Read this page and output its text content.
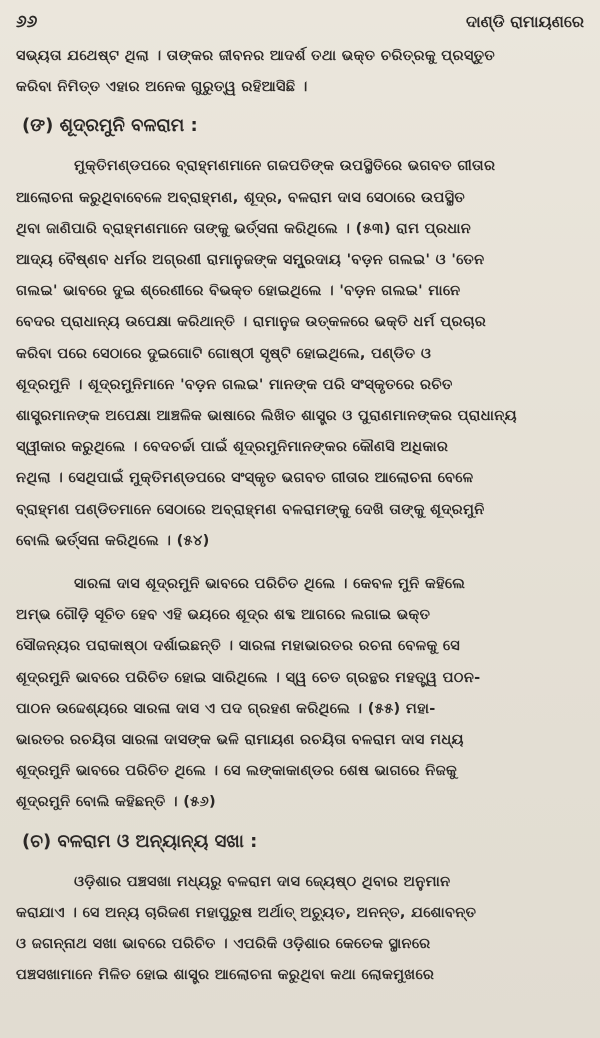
୬୬	ଦାଣ୍ଡି ରାମାୟଣରେ

ସଭ୍ୟତା ଯଥେଷ୍ଟ ଥିଲା । ତାଙ୍କର ଜୀବନର ଆଦର୍ଶ ତଥା ଭକ୍ତ ଚରିତ୍ରକୁ ପ୍ରସ୍ତୁତ
କରିବା ନିମିତ୍ତ ଏହାର ଅନେକ ଗୁରୁତ୍ୱ ରହିଆସିଛି ।

(ଙ) ଶୂଦ୍ରମୁନି ବଳରାମ :

ମୁକ୍ତିମଣ୍ଡପରେ ବ୍ରାହ୍ମଣମାନେ ଗଜପତିଙ୍କ ଉପସ୍ଥିତିରେ ଭଗବତ ଗୀତାର
ଆଲୋଚନା କରୁଥିବାବେଳେ ଅବ୍ରାହ୍ମଣ, ଶୂଦ୍ର, ବଳରାମ ଦାସ ସେଠାରେ ଉପସ୍ଥିତ
ଥିବା ଜାଣିପାରି ବ୍ରାହ୍ମଣମାନେ ତାଙ୍କୁ ଭର୍ତ୍ସନା କରିଥିଲେ । (୫୩) ରାମ ପ୍ରଧାନ
ଆଦ୍ୟ ବୈଷ୍ଣବ ଧର୍ମର ଅଗ୍ରଣୀ ରାମାନୁଜଙ୍କ ସମ୍ପ୍ରଦାୟ 'ବଡ଼ନ ଗଲଇ' ଓ 'ତେନ
ଗଲଇ' ଭାବରେ ଦୁଇ ଶ୍ରେଣୀରେ ବିଭକ୍ତ ହୋଇଥିଲେ । 'ବଡ଼ନ ଗଲଇ' ମାନେ
ବେଦର ପ୍ରାଧାନ୍ୟ ଉପେକ୍ଷା କରିଥାନ୍ତି । ରାମାନୁଜ ଉତ୍କଳରେ ଭକ୍ତି ଧର୍ମ ପ୍ରଚାର
କରିବା ପରେ ସେଠାରେ ଦୁଇଗୋଟି ଗୋଷ୍ଠୀ ସୃଷ୍ଟି ହୋଇଥିଲେ, ପଣ୍ଡିତ ଓ
ଶୂଦ୍ରମୁନି । ଶୂଦ୍ରମୁନିମାନେ 'ବଡ଼ନ ଗଲଇ' ମାନଙ୍କ ପରି ସଂସ୍କୃତରେ ରଚିତ
ଶାସ୍ତ୍ରମାନଙ୍କ ଅପେକ୍ଷା ଆଞ୍ଚଳିକ ଭାଷାରେ ଲିଖିତ ଶାସ୍ତ୍ର ଓ ପୁରାଣମାନଙ୍କର ପ୍ରାଧାନ୍ୟ
ସ୍ୱୀକାର କରୁଥିଲେ । ବେଦଚର୍ଚ୍ଚା ପାଇଁ ଶୂଦ୍ରମୁନିମାନଙ୍କର କୌଣସି ଅଧିକାର
ନଥିଲା । ସେଥିପାଇଁ ମୁକ୍ତିମଣ୍ଡପରେ ସଂସ୍କୃତ ଭଗବତ ଗୀତାର ଆଲୋଚନା ବେଳେ
ବ୍ରାହ୍ମଣ ପଣ୍ଡିତମାନେ ସେଠାରେ ଅବ୍ରାହ୍ମଣ ବଳରାମଙ୍କୁ ଦେଖି ତାଙ୍କୁ ଶୂଦ୍ରମୁନି
ବୋଲି ଭର୍ତ୍ସନା କରିଥିଲେ । (୫୪)

ସାରଳା ଦାସ ଶୂଦ୍ରମୁନି ଭାବରେ ପରିଚିତ ଥିଲେ । କେବଳ ମୁନି କହିଲେ
ଅମ୍ଭ ଗୌଡ଼ି ସୂଚିତ ହେବ ଏହି ଭୟରେ ଶୂଦ୍ର ଶବ୍ଦ ଆଗରେ ଲଗାଇ ଭକ୍ତ
ସୌଜନ୍ୟର ପରାକାଷ୍ଠା ଦର୍ଶାଇଛନ୍ତି । ସାରଳା ମହାଭାରତର ରଚନା ବେଳକୁ ସେ
ଶୂଦ୍ରମୁନି ଭାବରେ ପରିଚିତ ହୋଇ ସାରିଥିଲେ । ସ୍ୱ ଚେତ ଗ୍ରନ୍ଥର ମହତ୍ତ୍ୱ ପଠନ-
ପାଠନ ଉଦ୍ଦେଶ୍ୟରେ ସାରଳା ଦାସ ଏ ପଦ ଗ୍ରହଣ କରିଥିଲେ । (୫୫) ମହା-
ଭାରତର ରଚୟିତା ସାରଳା ଦାସଙ୍କ ଭଳି ରାମାୟଣ ରଚୟିତା ବଳରାମ ଦାସ ମଧ୍ୟ
ଶୂଦ୍ରମୁନି ଭାବରେ ପରିଚିତ ଥିଲେ । ସେ ଲଙ୍କାକାଣ୍ଡର ଶେଷ ଭାଗରେ ନିଜକୁ
ଶୂଦ୍ରମୁନି ବୋଲି କହିଛନ୍ତି । (୫୬)

(ଚ) ବଳରାମ ଓ ଅନ୍ୟାନ୍ୟ ସଖା :

ଓଡ଼ିଶାର ପଞ୍ଚସଖା ମଧ୍ୟରୁ ବଳରାମ ଦାସ ଜ୍ୟେଷ୍ଠ ଥିବାର ଅନୁମାନ
କରାଯାଏ । ସେ ଅନ୍ୟ ଚାରିଜଣ ମହାପୁରୁଷ ଅର୍ଥାତ୍ ଅଚ୍ୟୁତ, ଅନନ୍ତ, ଯଶୋବନ୍ତ
ଓ ଜଗନ୍ନାଥ ସଖା ଭାବରେ ପରିଚିତ । ଏପରିକି ଓଡ଼ିଶାର କେତେକ ସ୍ଥାନରେ
ପଞ୍ଚସଖାମାନେ ମିଳିତ ହୋଇ ଶାସ୍ତ୍ର ଆଲୋଚନା କରୁଥିବା କଥା ଲୋକମୁଖରେ
